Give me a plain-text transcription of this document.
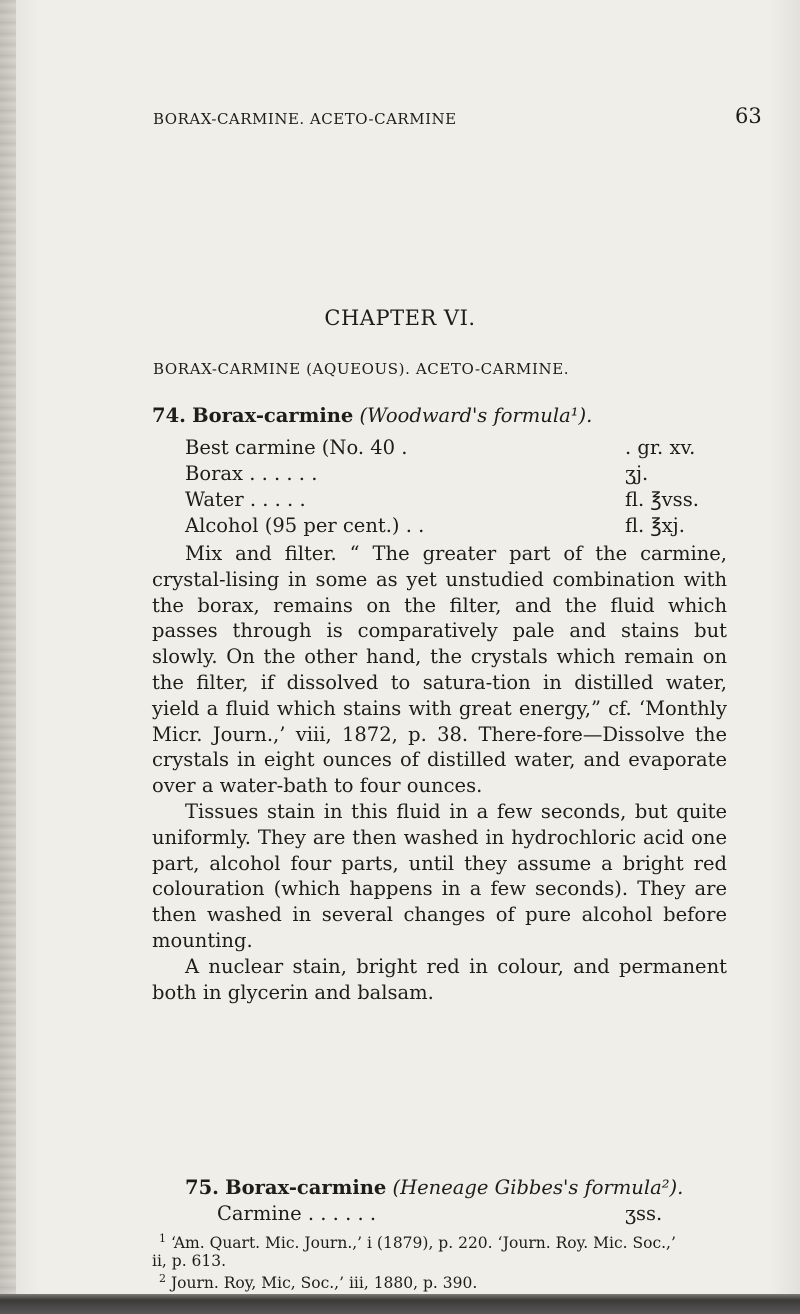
BORAX-CARMINE. ACETO-CARMINE	63
CHAPTER VI.
BORAX-CARMINE (AQUEOUS). ACETO-CARMINE.
74. Borax-carmine (Woodward's formula¹).
Best carmine (No. 40 .	. gr. xv.
Borax . . . . . .	ʒj.
Water . . . . .	fl. ℥vss.
Alcohol (95 per cent.) . .	fl. ℥xj.

Mix and filter. “ The greater part of the carmine, crystal-lising in some as yet unstudied combination with the borax, remains on the filter, and the fluid which passes through is comparatively pale and stains but slowly. On the other hand, the crystals which remain on the filter, if dissolved to satura-tion in distilled water, yield a fluid which stains with great energy,” cf. ‘Monthly Micr. Journ.,’ viii, 1872, p. 38. There-fore—Dissolve the crystals in eight ounces of distilled water, and evaporate over a water-bath to four ounces.

Tissues stain in this fluid in a few seconds, but quite uniformly. They are then washed in hydrochloric acid one part, alcohol four parts, until they assume a bright red colouration (which happens in a few seconds). They are then washed in several changes of pure alcohol before mounting.

A nuclear stain, bright red in colour, and permanent both in glycerin and balsam.

75. Borax-carmine (Heneage Gibbes's formula²).
Carmine . . . . . .	ʒss.
$^1$ ‘Am. Quart. Mic. Journ.,’ i (1879), p. 220. ‘Journ. Roy. Mic. Soc.,’
ii, p. 613.
$^2$ Journ. Roy, Mic, Soc.,’ iii, 1880, p. 390.
